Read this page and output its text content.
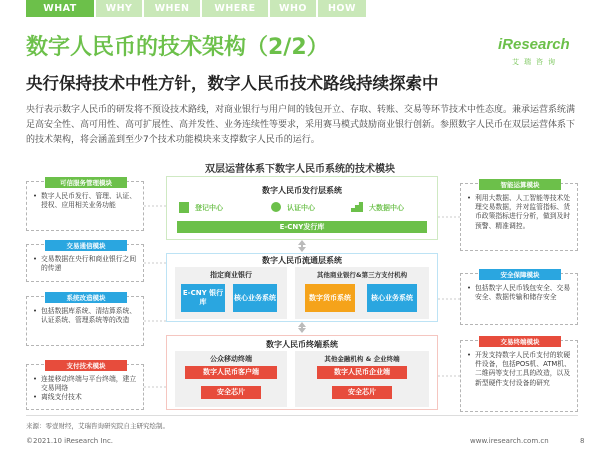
WHAT	WHY	WHEN	WHERE	WHO	HOW
数字人民币的技术架构（2/2）
央行保持技术中性方针，数字人民币技术路线持续探索中
iResearch
艾瑞咨询
央行表示数字人民币的研发将不预设技术路线，对商业银行与用户间的钱包开立、存取、转账、交易等环节技术中性态度。兼承运营系统满足高安全性、高可用性、高可扩展性、高并发性、业务连续性等要求，采用赛马模式鼓励商业银行创新。参照数字人民币在双层运营体系下的技术架构，将会涵盖到至少7个技术功能模块来支撑数字人民币的运行。
双层运营体系下数字人民币系统的技术模块
可信服务管理模块
• 数字人民币发行、管理、认证、授权、应用相关业务功能
交易通信模块
• 交易数据在央行和商业银行之间的传递
系统改造模块
• 包括数据库系统、清结算系统、认证系统、管理系统等的改造
支付技术模块
• 连接移动终端与平台终端，建立交易网络
• 离线支付技术
智能运算模块
• 利用大数据、人工智能等技术处理交易数据，并对监管指标、货币政策指标进行分析，做到及时预警、精准调控。
安全保障模块
• 包括数字人民币钱包安全、交易安全、数据传输和储存安全
交易终端模块
• 开发支持数字人民币支付的软硬件设备，包括POS机、ATM机、二维码等支付工具的改造，以及新型硬件支付设备的研究
数字人民币发行层系统
登记中心	认证中心	大数据中心
E-CNY发行库
数字人民币流通层系统
指定商业银行
E-CNY 银行库
核心业务系统
其他商业银行&第三方支付机构
数字货币系统	核心业务系统
数字人民币终端系统
公众移动终端
数字人民币客户端
安全芯片
其他金融机构 & 企业终端
数字人民币企业端
安全芯片
来源：零壹财经，艾瑞咨询研究院自主研究绘制。
©2021.10 iResearch Inc.	www.iresearch.com.cn	8
